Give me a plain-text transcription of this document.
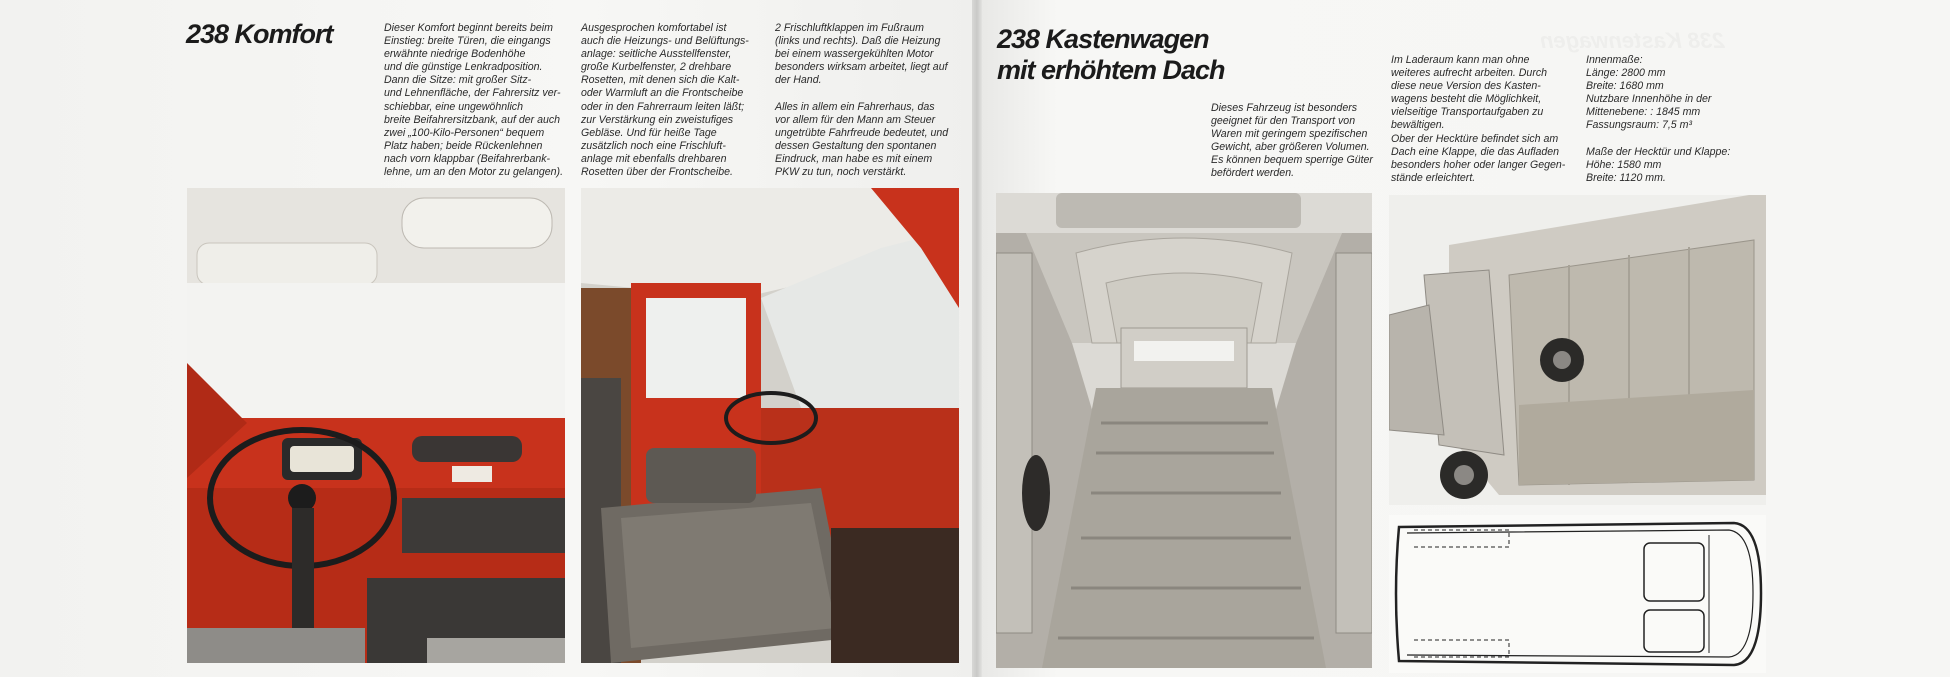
238 Komfort	Dieser Komfort beginnt bereits beim
Einstieg: breite Türen, die eingangs
erwähnte niedrige Bodenhöhe
und die günstige Lenkradposition.
Dann die Sitze: mit großer Sitz-
und Lehnenfläche, der Fahrersitz ver-
schiebbar, eine ungewöhnlich
breite Beifahrersitzbank, auf der auch
zwei „100-Kilo-Personen“ bequem
Platz haben; beide Rückenlehnen
nach vorn klappbar (Beifahrerbank-
lehne, um an den Motor zu gelangen).

Ausgesprochen komfortabel ist
auch die Heizungs- und Belüftungs-
anlage: seitliche Ausstellfenster,
große Kurbelfenster, 2 drehbare
Rosetten, mit denen sich die Kalt-
oder Warmluft an die Frontscheibe
oder in den Fahrerraum leiten läßt;
zur Verstärkung ein zweistufiges
Gebläse. Und für heiße Tage
zusätzlich noch eine Frischluft-
anlage mit ebenfalls drehbaren
Rosetten über der Frontscheibe.

2 Frischluftklappen im Fußraum
(links und rechts). Daß die Heizung
bei einem wassergekühlten Motor
besonders wirksam arbeitet, liegt auf
der Hand.

Alles in allem ein Fahrerhaus, das
vor allem für den Mann am Steuer
ungetrübte Fahrfreude bedeutet, und
dessen Gestaltung den spontanen
Eindruck, man habe es mit einem
PKW zu tun, noch verstärkt.

238 Kastenwagen
238 Kastenwagen
mit erhöhtem Dach

Dieses Fahrzeug ist besonders
geeignet für den Transport von
Waren mit geringem spezifischen
Gewicht, aber größeren Volumen.
Es können bequem sperrige Güter
befördert werden.

Im Laderaum kann man ohne
weiteres aufrecht arbeiten. Durch
diese neue Version des Kasten-
wagens besteht die Möglichkeit,
vielseitige Transportaufgaben zu
bewältigen.
Ober der Hecktüre befindet sich am
Dach eine Klappe, die das Aufladen
besonders hoher oder langer Gegen-
stände erleichtert.

Innenmaße:
Länge: 2800 mm
Breite: 1680 mm
Nutzbare Innenhöhe in der
Mittenebene: : 1845 mm
Fassungsraum: 7,5 m³

Maße der Hecktür und Klappe:
Höhe: 1580 mm
Breite: 1120 mm.
